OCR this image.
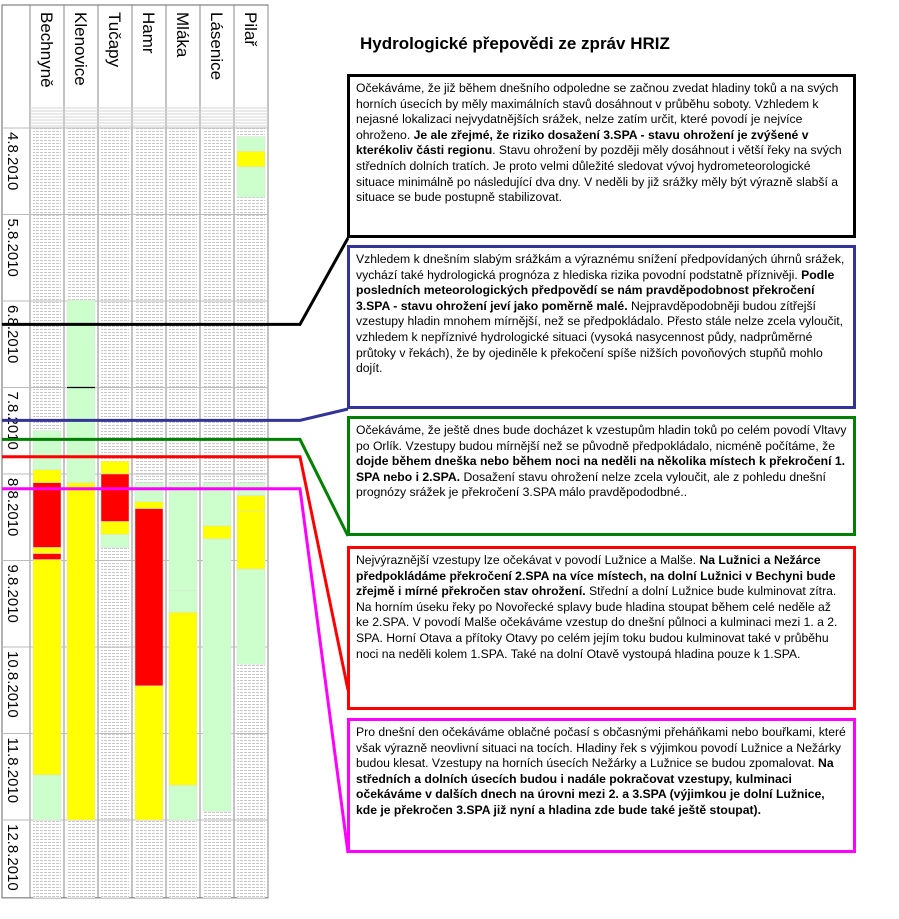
Bechnyně Klenovice Tučapy Hamr Mláka Lásenice Pilař
4.8.2010
5.8.2010
6.8.2010
7.8.2010
8.8.2010
9.8.2010
10.8.2010
11.8.2010
12.8.2010
Hydrologické přepovědi ze zpráv HRIZ

Očekáváme, že již během dnešního odpoledne se začnou zvedat hladiny toků a na svých horních úsecích by měly maximálních stavů dosáhnout v průběhu soboty. Vzhledem k nejasné lokalizaci nejvydatnějších srážek, nelze zatím určit, které povodí je nejvíce ohroženo. Je ale zřejmé, že riziko dosažení 3.SPA - stavu ohrožení je zvýšené v kterékoliv části regionu. Stavu ohrožení by později měly dosáhnout i větší řeky na svých středních dolních tratích. Je proto velmi důležité sledovat vývoj hydrometeorologické situace minimálně po následující dva dny. V neděli by již srážky měly být výrazně slabší a situace se bude postupně stabilizovat.

Vzhledem k dnešním slabým srážkám a výraznému snížení předpovídaných úhrnů srážek, vychází také hydrologická prognóza z hlediska rizika povodní podstatně příznivěji. Podle posledních meteorologických předpovědí se nám pravděpodobnost překročení 3.SPA - stavu ohrožení jeví jako poměrně malé. Nejpravděpodobněji budou zítřejší vzestupy hladin mnohem mírnější, než se předpokládalo. Přesto stále nelze zcela vyloučit, vzhledem k nepříznivé hydrologické situaci (vysoká nasycennost půdy, nadprůměrné průtoky v řekách), že by ojediněle k překočení spíše nižších povoňových stupňů mohlo dojít.

Očekáváme, že ještě dnes bude docházet k vzestupům hladin toků po celém povodí Vltavy po Orlík. Vzestupy budou mírnější než se původně předpokládalo, nicméně počítáme, že dojde během dneška nebo během noci na neděli na několika místech k překročení 1. SPA nebo i 2.SPA. Dosažení stavu ohrožení nelze zcela vyloučit, ale z pohledu dnešní prognózy srážek je překročení 3.SPA málo pravděpododbné..

Nejvýraznější vzestupy lze očekávat v povodí Lužnice a Malše. Na Lužnici a Nežárce předpokládáme překročení 2.SPA na více místech, na dolní Lužnici v Bechyni bude zřejmě i mírné překročen stav ohrožení. Střední a dolní Lužnice bude kulminovat zítra. Na horním úseku řeky po Novořecké splavy bude hladina stoupat během celé neděle až ke 2.SPA. V povodí Malše očekáváme vzestup do dnešní půlnoci a kulminaci mezi 1. a 2. SPA. Horní Otava a přítoky Otavy po celém jejím toku budou kulminovat také v průběhu noci na neděli kolem 1.SPA. Také na dolní Otavě vystoupá hladina pouze k 1.SPA.

Pro dnešní den očekáváme oblačné počasí s občasnými přeháňkami nebo bouřkami, které však výrazně neovlivní situaci na tocích. Hladiny řek s výjimkou povodí Lužnice a Nežárky budou klesat. Vzestupy na horních úsecích Nežárky a Lužnice se budou zpomalovat. Na středních a dolních úsecích budou i nadále pokračovat vzestupy, kulminaci očekáváme v dalších dnech na úrovni mezi 2. a 3.SPA (výjimkou je dolní Lužnice, kde je překročen 3.SPA již nyní a hladina zde bude také ještě stoupat).
